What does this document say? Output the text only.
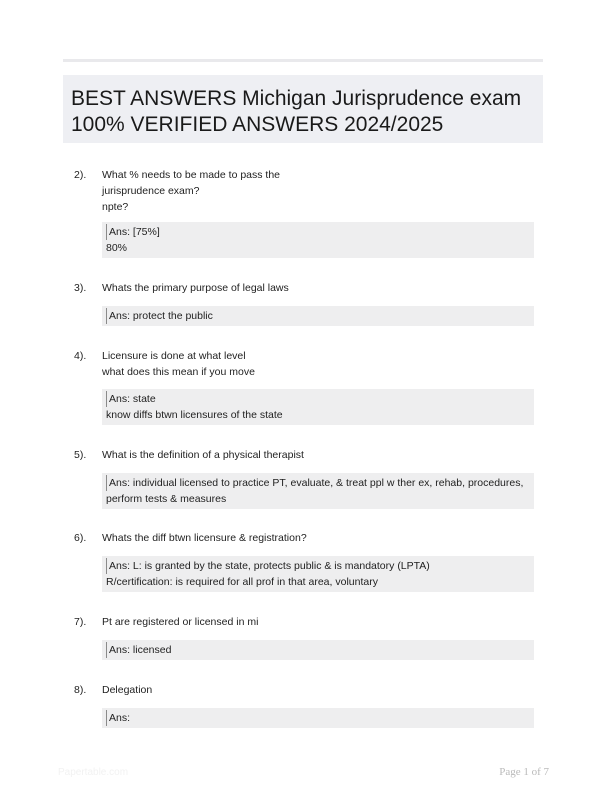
BEST ANSWERS Michigan Jurisprudence exam
100% VERIFIED ANSWERS 2024/2025
2). What % needs to be made to pass the
jurisprudence exam?
npte?
Ans: [75%]
80%
3). Whats the primary purpose of legal laws
Ans: protect the public
4). Licensure is done at what level
what does this mean if you move
Ans: state
know diffs btwn licensures of the state
5). What is the definition of a physical therapist
Ans: individual licensed to practice PT, evaluate, & treat ppl w ther ex, rehab, procedures,
perform tests & measures
6). Whats the diff btwn licensure & registration?
Ans: L: is granted by the state, protects public & is mandatory (LPTA)
R/certification: is required for all prof in that area, voluntary
7). Pt are registered or licensed in mi
Ans: licensed
8). Delegation
Ans:
Papertable.com	Page 1 of 7
